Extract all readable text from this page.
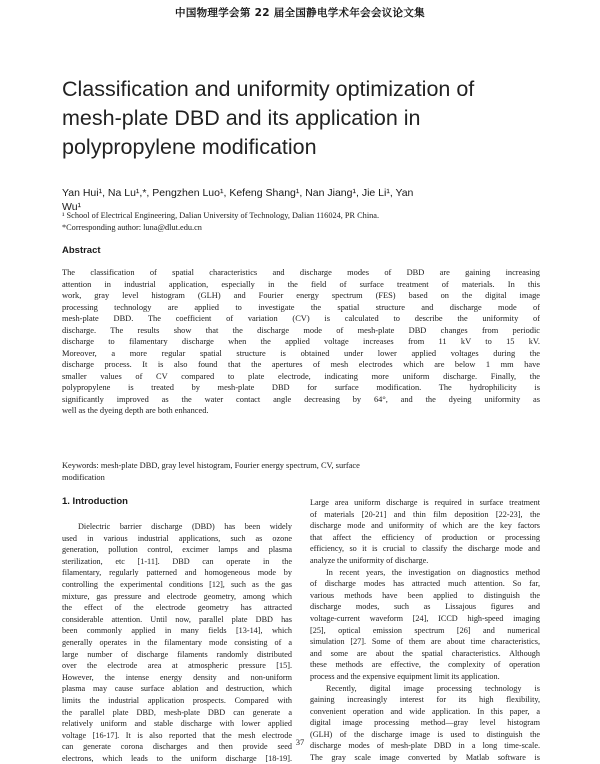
中国物理学会第 22 届全国静电学术年会会议论文集
Classification and uniformity optimization of
mesh-plate DBD and its application in
polypropylene modification
Yan Hui¹, Na Lu¹,*, Pengzhen Luo¹, Kefeng Shang¹, Nan Jiang¹, Jie Li¹, Yan
Wu¹
¹ School of Electrical Engineering, Dalian University of Technology, Dalian 116024, PR China.
*Corresponding author: luna@dlut.edu.cn
Abstract
The classification of spatial characteristics and discharge modes of DBD are gaining increasing
attention in industrial application, especially in the field of surface treatment of materials. In this
work, gray level histogram (GLH) and Fourier energy spectrum (FES) based on the digital image
processing technology are applied to investigate the spatial structure and discharge mode of
mesh-plate DBD. The coefficient of variation (CV) is calculated to describe the uniformity of
discharge. The results show that the discharge mode of mesh-plate DBD changes from periodic
discharge to filamentary discharge when the applied voltage increases from 11 kV to 15 kV.
Moreover, a more regular spatial structure is obtained under lower applied voltages during the
discharge process. It is also found that the apertures of mesh electrodes which are below 1 mm have
smaller values of CV compared to plate electrode, indicating more uniform discharge. Finally, the
polypropylene is treated by mesh-plate DBD for surface modification. The hydrophilicity is
significantly improved as the water contact angle decreasing by 64°, and the dyeing uniformity as
well as the dyeing depth are both enhanced.
Keywords: mesh-plate DBD, gray level histogram, Fourier energy spectrum, CV, surface
modification
1. Introduction
Dielectric barrier discharge (DBD) has been widely
used in various industrial applications, such as ozone
generation, pollution control, excimer lamps and plasma
sterilization, etc [1-11]. DBD can operate in the
filamentary, regularly patterned and homogeneous mode by
controlling the experimental conditions [12], such as the gas
mixture, gas pressure and electrode geometry, among which
the effect of the electrode geometry has attracted
considerable attention. Until now, parallel plate DBD has
been commonly applied in many fields [13-14], which
generally operates in the filamentary mode consisting of a
large number of discharge filaments randomly distributed
over the electrode area at atmospheric pressure [15].
However, the intense energy density and non-uniform
plasma may cause surface ablation and destruction, which
limits the industrial application prospects. Compared with
the parallel plate DBD, mesh-plate DBD can generate a
relatively uniform and stable discharge with lower applied
voltage [16-17]. It is also reported that the mesh electrode
can generate corona discharges and then provide seed
electrons, which leads to the uniform discharge [18-19].
Large area uniform discharge is required in surface treatment
of materials [20-21] and thin film deposition [22-23], the
discharge mode and uniformity of which are the key factors
that affect the efficiency of production or processing
efficiency, so it is crucial to classify the discharge mode and
analyze the uniformity of discharge.
In recent years, the investigation on diagnostics method
of discharge modes has attracted much attention. So far,
various methods have been applied to distinguish the
discharge modes, such as Lissajous figures and
voltage-current waveform [24], ICCD high-speed imaging
[25], optical emission spectrum [26] and numerical
simulation [27]. Some of them are about time characteristics,
and some are about the spatial characteristics. Although
these methods are effective, the complexity of operation
process and the expensive equipment limit its application.
Recently, digital image processing technology is
gaining increasingly interest for its high flexibility,
convenient operation and wide application. In this paper, a
digital image processing method—gray level histogram
(GLH) of the discharge image is used to distinguish the
discharge modes of mesh-plate DBD in a long time-scale.
The gray scale image converted by Matlab software is
37
